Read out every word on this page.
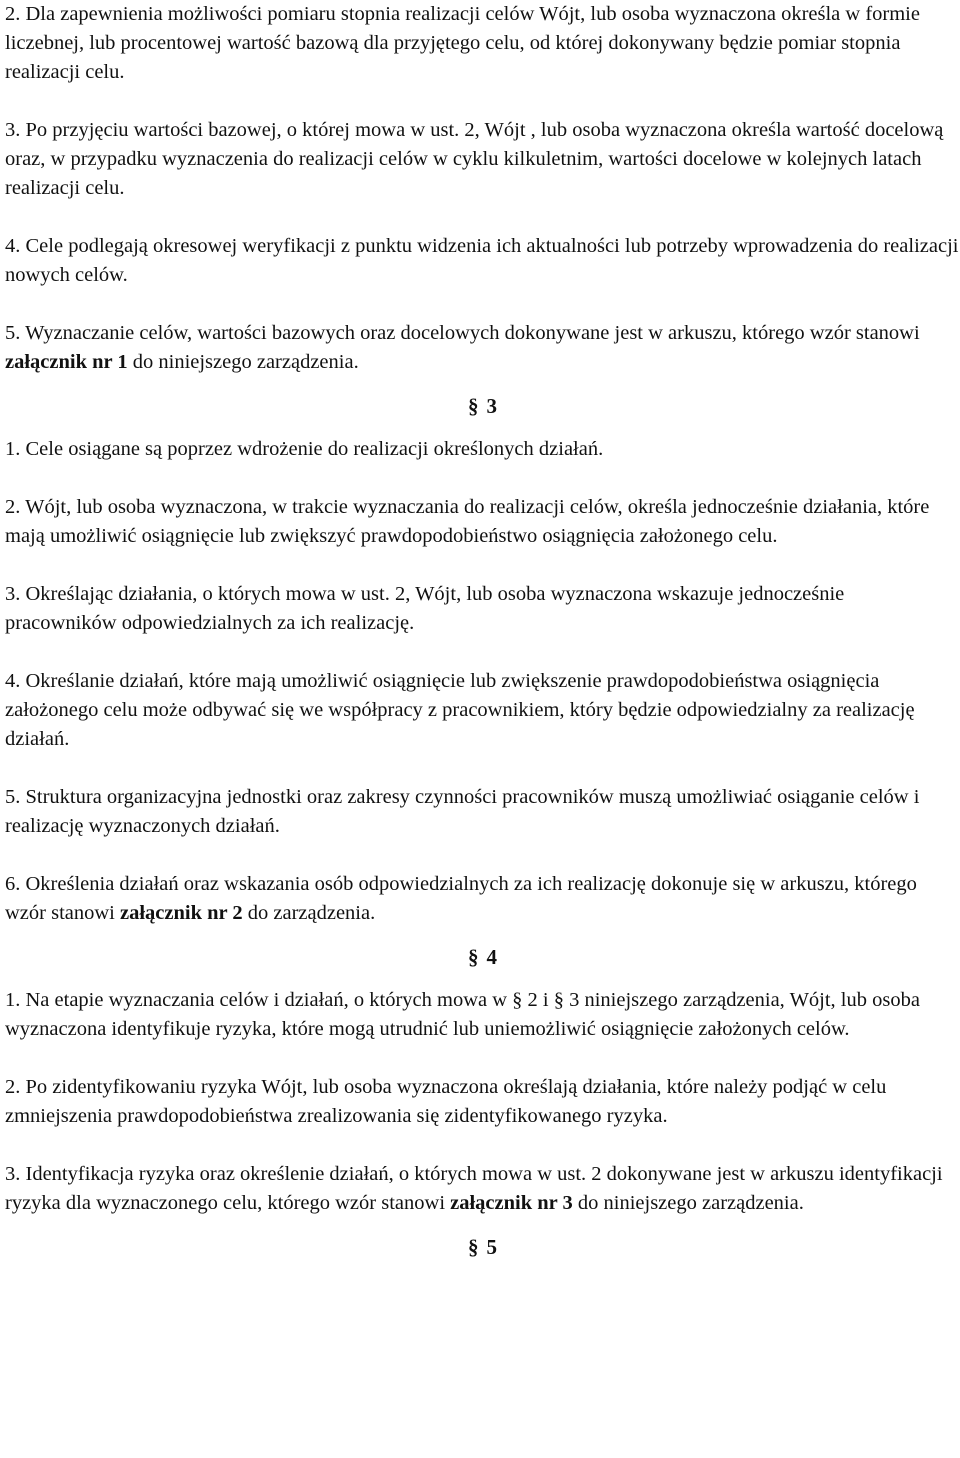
2. Dla zapewnienia możliwości pomiaru stopnia realizacji celów Wójt, lub osoba wyznaczona określa w formie liczebnej, lub procentowej wartość bazową dla przyjętego celu, od której dokonywany będzie pomiar stopnia realizacji celu.

3. Po przyjęciu wartości bazowej, o której mowa w ust. 2, Wójt , lub osoba wyznaczona określa wartość docelową oraz, w przypadku wyznaczenia do realizacji celów w cyklu kilkuletnim, wartości docelowe w kolejnych latach realizacji celu.

4. Cele podlegają okresowej weryfikacji z punktu widzenia ich aktualności lub potrzeby wprowadzenia do realizacji nowych celów.

5. Wyznaczanie celów, wartości bazowych oraz docelowych dokonywane jest w arkuszu, którego wzór stanowi załącznik nr 1 do niniejszego zarządzenia.

§ 3

1. Cele osiągane są poprzez wdrożenie do realizacji określonych działań.

2. Wójt, lub osoba wyznaczona, w trakcie wyznaczania do realizacji celów, określa jednocześnie działania, które mają umożliwić osiągnięcie lub zwiększyć prawdopodobieństwo osiągnięcia założonego celu.

3. Określając działania, o których mowa w ust. 2, Wójt, lub osoba wyznaczona wskazuje jednocześnie pracowników odpowiedzialnych za ich realizację.

4. Określanie działań, które mają umożliwić osiągnięcie lub zwiększenie prawdopodobieństwa osiągnięcia założonego celu może odbywać się we współpracy z pracownikiem, który będzie odpowiedzialny za realizację działań.

5. Struktura organizacyjna jednostki oraz zakresy czynności pracowników muszą umożliwiać osiąganie celów i realizację wyznaczonych działań.

6. Określenia działań oraz wskazania osób odpowiedzialnych za ich realizację dokonuje się w arkuszu, którego wzór stanowi załącznik nr 2 do zarządzenia.

§ 4

1. Na etapie wyznaczania celów i działań, o których mowa w § 2 i § 3 niniejszego zarządzenia, Wójt, lub osoba wyznaczona identyfikuje ryzyka, które mogą utrudnić lub uniemożliwić osiągnięcie założonych celów.

2. Po zidentyfikowaniu ryzyka Wójt, lub osoba wyznaczona określają działania, które należy podjąć w celu zmniejszenia prawdopodobieństwa zrealizowania się zidentyfikowanego ryzyka.

3. Identyfikacja ryzyka oraz określenie działań, o których mowa w ust. 2 dokonywane jest w arkuszu identyfikacji ryzyka dla wyznaczonego celu, którego wzór stanowi załącznik nr 3 do niniejszego zarządzenia.

§ 5
